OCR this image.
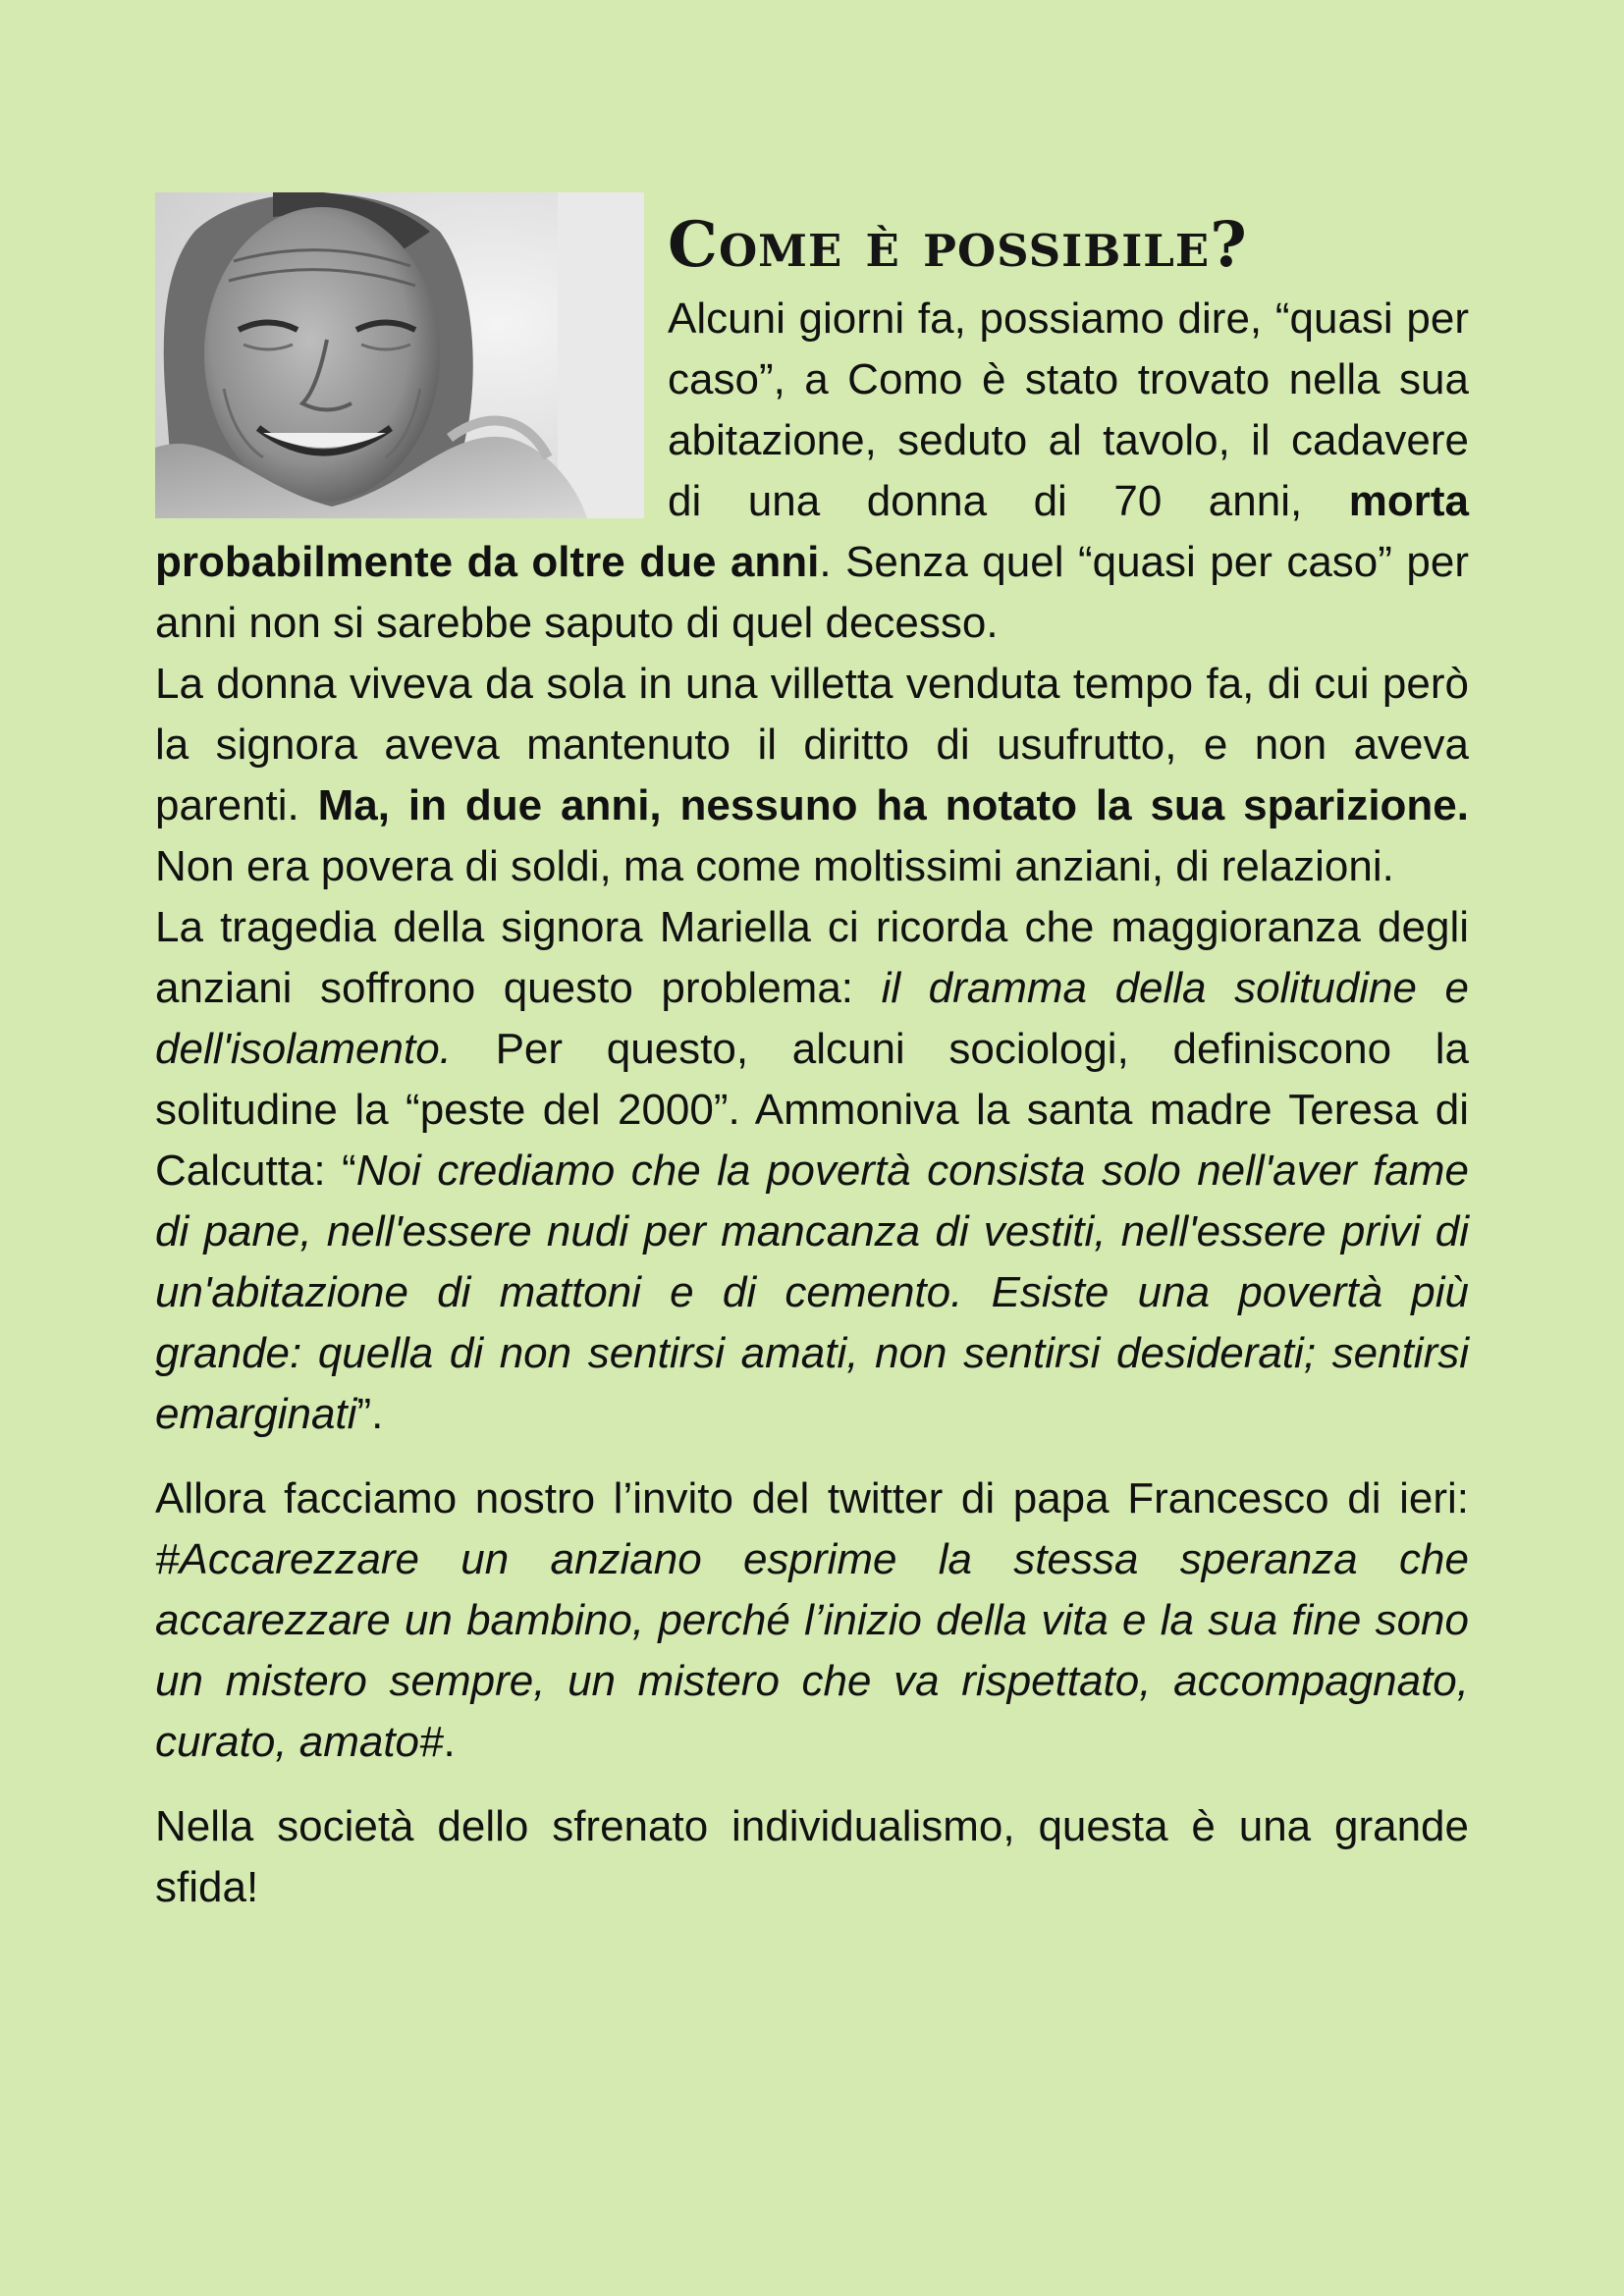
Come è possibile?

Alcuni giorni fa, possiamo dire, “quasi per caso”, a Como è stato trovato nella sua abitazione, seduto al tavolo, il cadavere di una donna di 70 anni, morta probabilmente da oltre due anni. Senza quel “quasi per caso” per anni non si sarebbe saputo di quel decesso.

La donna viveva da sola in una villetta venduta tempo fa, di cui però la signora aveva mantenuto il diritto di usufrutto, e non aveva parenti. Ma, in due anni, nessuno ha notato la sua sparizione. Non era povera di soldi, ma come moltissimi anziani, di relazioni.

La tragedia della signora Mariella ci ricorda che maggioranza degli anziani soffrono questo problema: il dramma della solitudine e dell'isolamento. Per questo, alcuni sociologi, definiscono la solitudine la “peste del 2000”. Ammoniva la santa madre Teresa di Calcutta: “Noi crediamo che la povertà consista solo nell'aver fame di pane, nell'essere nudi per mancanza di vestiti, nell'essere privi di un'abitazione di mattoni e di cemento. Esiste una povertà più grande: quella di non sentirsi amati, non sentirsi desiderati; sentirsi emarginati”.

Allora facciamo nostro l’invito del twitter di papa Francesco di ieri: #Accarezzare un anziano esprime la stessa speranza che accarezzare un bambino, perché l’inizio della vita e la sua fine sono un mistero sempre, un mistero che va rispettato, accompagnato, curato, amato#.

Nella società dello sfrenato individualismo, questa è una grande sfida!
